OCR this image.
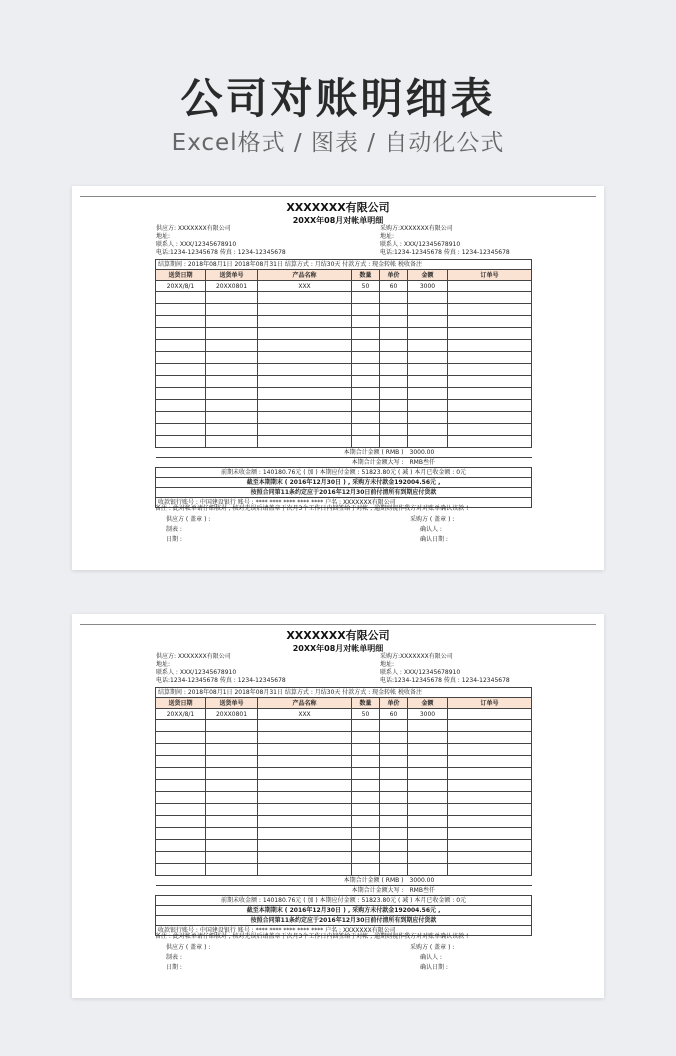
公司对账明细表
Excel格式 / 图表 / 自动化公式
XXXXXXX有限公司
20XX年08月对帐单明细
供应方: XXXXXXX有限公司
地址:
联系人 : XXX/12345678910
电话:1234-12345678 传真 : 1234-12345678
采购方:XXXXXXX有限公司
地址:
联系人 : XXX/12345678910
电话:1234-12345678 传真 : 1234-12345678
结算期间 : 2018年08月1日 2018年08月31日 结算方式 : 月结30天 付款方式 : 现金转帐 税收备注						
送货日期	送货单号	产品名称	数量	单价	金额	订单号
20XX/8/1	20XX0801	XXX	50	60	3000	

本期合计金额 ( RMB )					3000.00	
本期合计金额大写 :					RMB叁仟	
前期未收金额 : 140180.76元 ( 加 ) 本期应付金额 : 51823.80元 ( 减 ) 本月已收金额 : 0元						
截至本期期末 ( 2016年12月30日 ) , 采购方未付款金192004.56元 ,						
按照合同第11条约定应于2016年12月30日前付清所有到期应付货款						
收款银行账号 : 中国建设银行 账号 : **** **** **** **** **** 户名 : XXXXXXX有限公司						
备注 : 此对帐单请仔细核对 , 核对无误后请盖章于次月3个工作日内回签给于对帐 , 逾期则视作我方对对账单确认该款 !
供应方 ( 盖章 ) :
制表 :
日期 :
采购方 ( 盖章 ) :
确认人 :
确认日期 :
XXXXXXX有限公司
20XX年08月对帐单明细
供应方: XXXXXXX有限公司
地址:
联系人 : XXX/12345678910
电话:1234-12345678 传真 : 1234-12345678
采购方:XXXXXXX有限公司
地址:
联系人 : XXX/12345678910
电话:1234-12345678 传真 : 1234-12345678
结算期间 : 2018年08月1日 2018年08月31日 结算方式 : 月结30天 付款方式 : 现金转帐 税收备注						
送货日期	送货单号	产品名称	数量	单价	金额	订单号
20XX/8/1	20XX0801	XXX	50	60	3000	

本期合计金额 ( RMB )					3000.00	
本期合计金额大写 :					RMB叁仟	
前期未收金额 : 140180.76元 ( 加 ) 本期应付金额 : 51823.80元 ( 减 ) 本月已收金额 : 0元						
截至本期期末 ( 2016年12月30日 ) , 采购方未付款金192004.56元 ,						
按照合同第11条约定应于2016年12月30日前付清所有到期应付货款						
收款银行账号 : 中国建设银行 账号 : **** **** **** **** **** 户名 : XXXXXXX有限公司						
备注 : 此对帐单请仔细核对 , 核对无误后请盖章于次月3个工作日内回签给于对帐 , 逾期则视作我方对对账单确认该款 !
供应方 ( 盖章 ) :
制表 :
日期 :
采购方 ( 盖章 ) :
确认人 :
确认日期 :
